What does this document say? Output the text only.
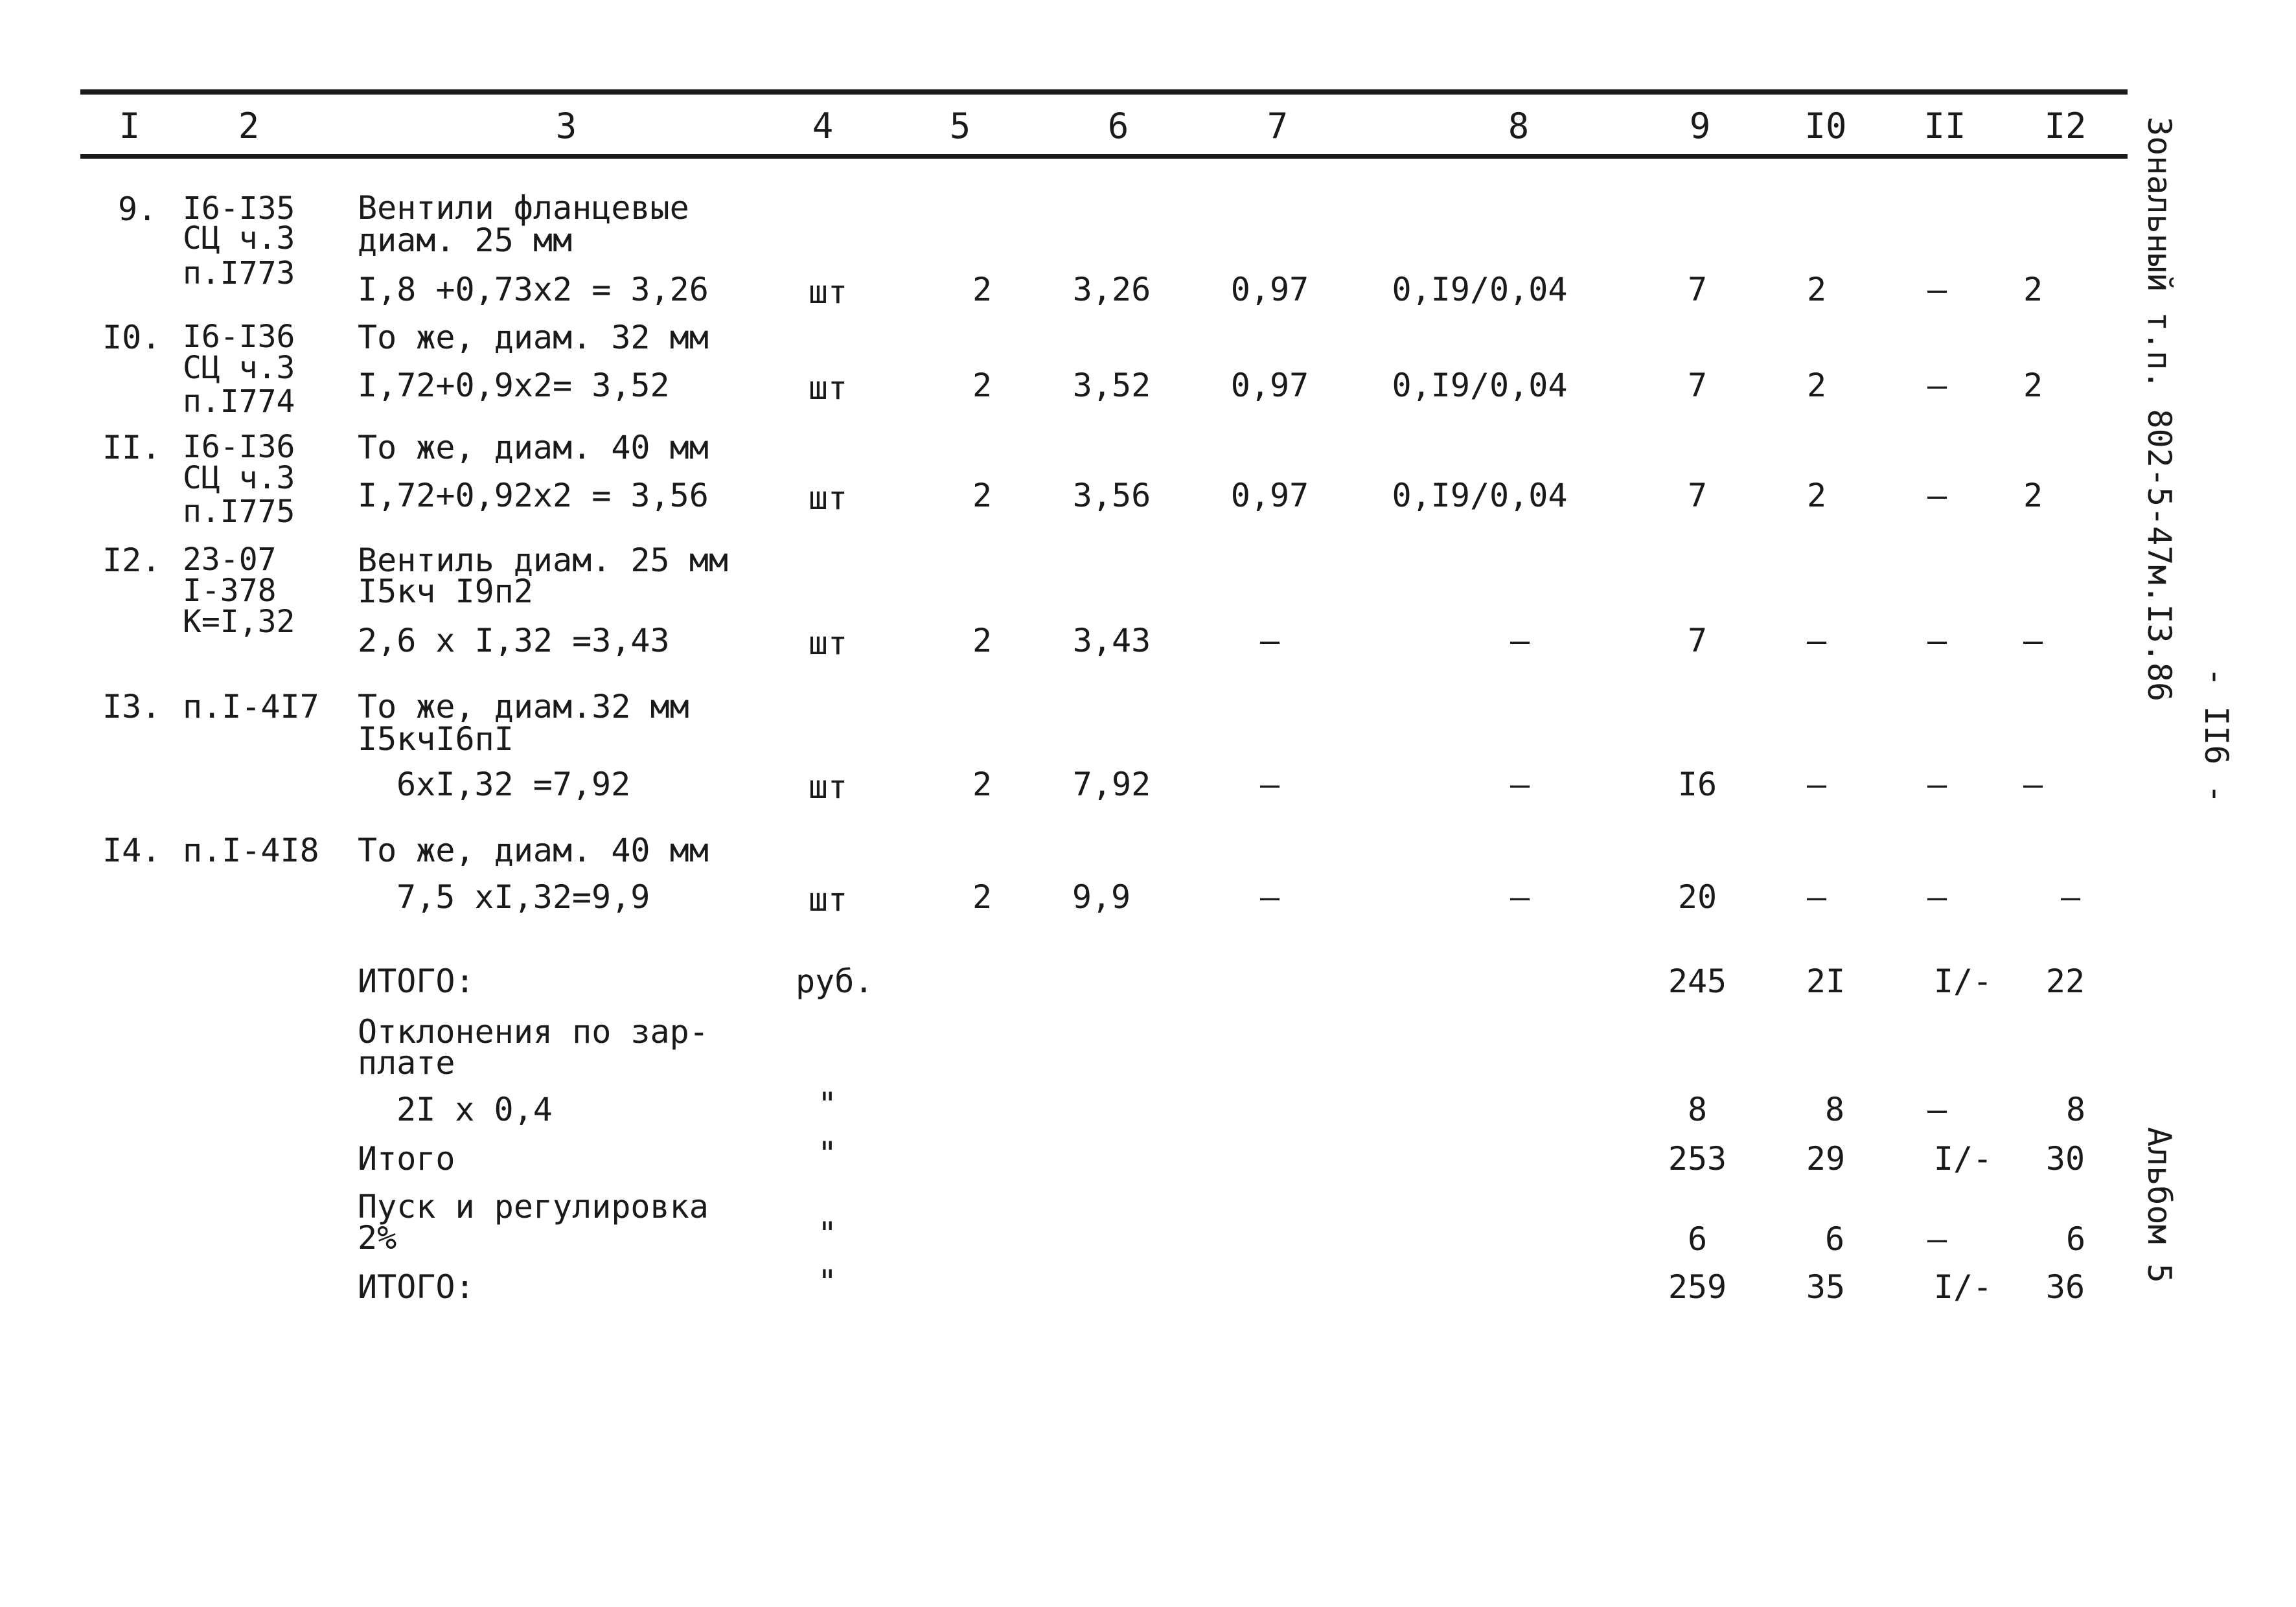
I	2	3	4	5	6	7	8	9	I0 II I2
9. I6-I35
СЦ ч.3
п.I773
Вентили фланцевые
диам. 25 мм
I,8 +0,73x2 = 3,26	шт	2 3,26 0,97	0,I9/0,04	7	2	– 2
I0. I6-I36
СЦ ч.3
п.I774
То же, диам. 32 мм
I,72+0,9x2= 3,52	шт	2 3,52 0,97	0,I9/0,04	7	2	– 2
II. I6-I36
СЦ ч.3
п.I775
То же, диам. 40 мм
I,72+0,92x2 = 3,56	шт	2 3,56 0,97	0,I9/0,04	7	2	– 2
I2. 23-07
I-378
K=I,32
Вентиль диам. 25 мм
I5кч I9п2
2,6 x I,32 =3,43	шт	2 3,43	–	–	7	–	– –
I3. п.I-4I7 То же, диам.32 мм
I5кчI6пI
6xI,32 =7,92	шт	2 7,92	–	–	I6	–	– –
I4. п.I-4I8 То же, диам. 40 мм
7,5 xI,32=9,9	шт	2 9,9	–	–	20	–	–	–
ИТОГО:	руб.	245 2I	I/- 22
Отклонения по зар-
плате
2I x 0,4	"	8	8	–	8
Итого	"	253 29	I/- 30
Пуск и регулировка
2%	"	6	6	–	6
ИТОГО:	"	259 35	I/- 36
Зональный т.п. 802-5-47м.I3.86
- II6 -
Альбом 5
